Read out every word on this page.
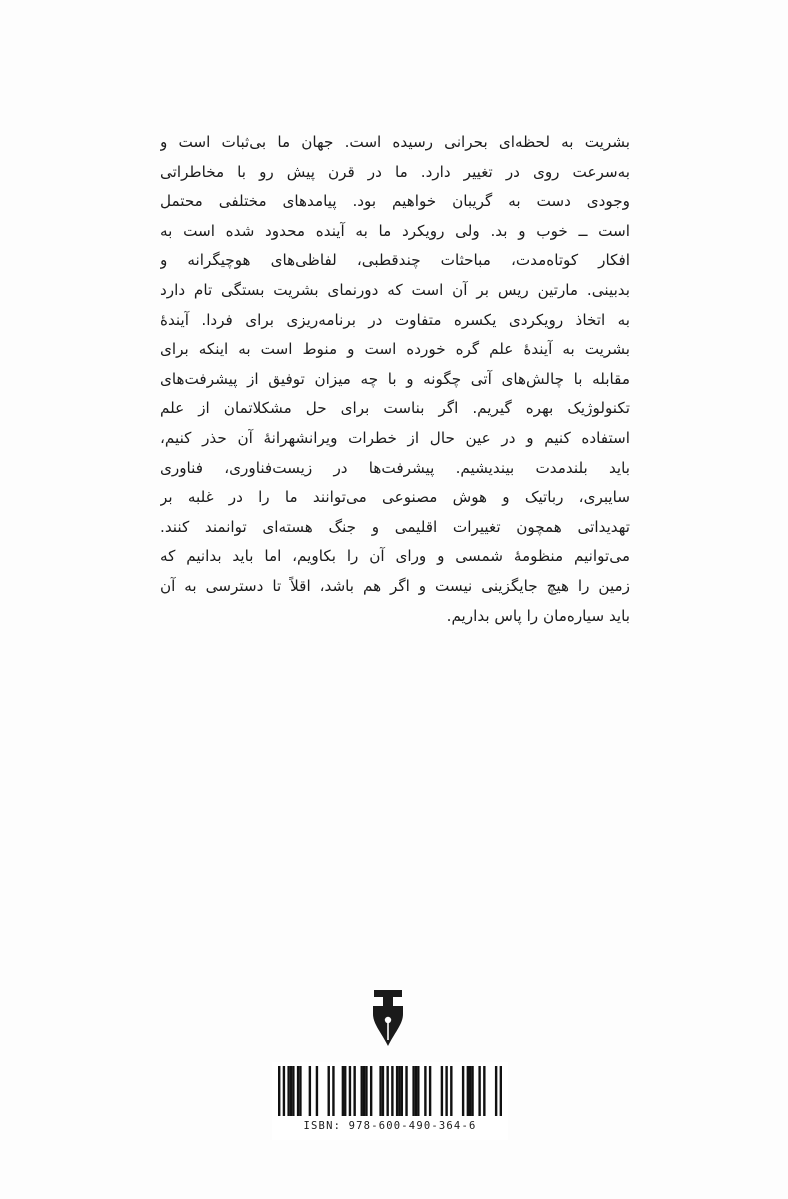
بشریت به لحظه‌ای بحرانی رسیده است. جهان ما بی‌ثبات است و
به‌سرعت روی در تغییر دارد. ما در قرن پیش رو با مخاطراتی
وجودی دست به گریبان خواهیم بود. پیامدهای مختلفی محتمل
است ــ خوب و بد. ولی رویکرد ما به آینده محدود شده است به
افکار کوتاه‌مدت، مباحثات چندقطبی، لفاظی‌های هوچیگرانه و
بدبینی. مارتین ریس بر آن است که دورنمای بشریت بستگی تام دارد
به اتخاذ رویکردی یکسره متفاوت در برنامه‌ریزی برای فردا. آیندهٔ
بشریت به آیندهٔ علم گره خورده است و منوط است به اینکه برای
مقابله با چالش‌های آتی چگونه و با چه میزان توفیق از پیشرفت‌های
تکنولوژیک بهره گیریم. اگر بناست برای حل مشکلاتمان از علم
استفاده کنیم و در عین حال از خطرات ویرانشهرانهٔ آن حذر کنیم،
باید بلندمدت بیندیشیم. پیشرفت‌ها در زیست‌فناوری، فناوری
سایبری، رباتیک و هوش مصنوعی می‌توانند ما را در غلبه بر
تهدیداتی همچون تغییرات اقلیمی و جنگ هسته‌ای توانمند کنند.
می‌توانیم منظومهٔ شمسی و ورای آن را بکاویم، اما باید بدانیم که
زمین را هیچ جایگزینی نیست و اگر هم باشد، اقلاً تا دسترسی به آن
باید سیاره‌مان را پاس بداریم.
ISBN: 978-600-490-364-6
